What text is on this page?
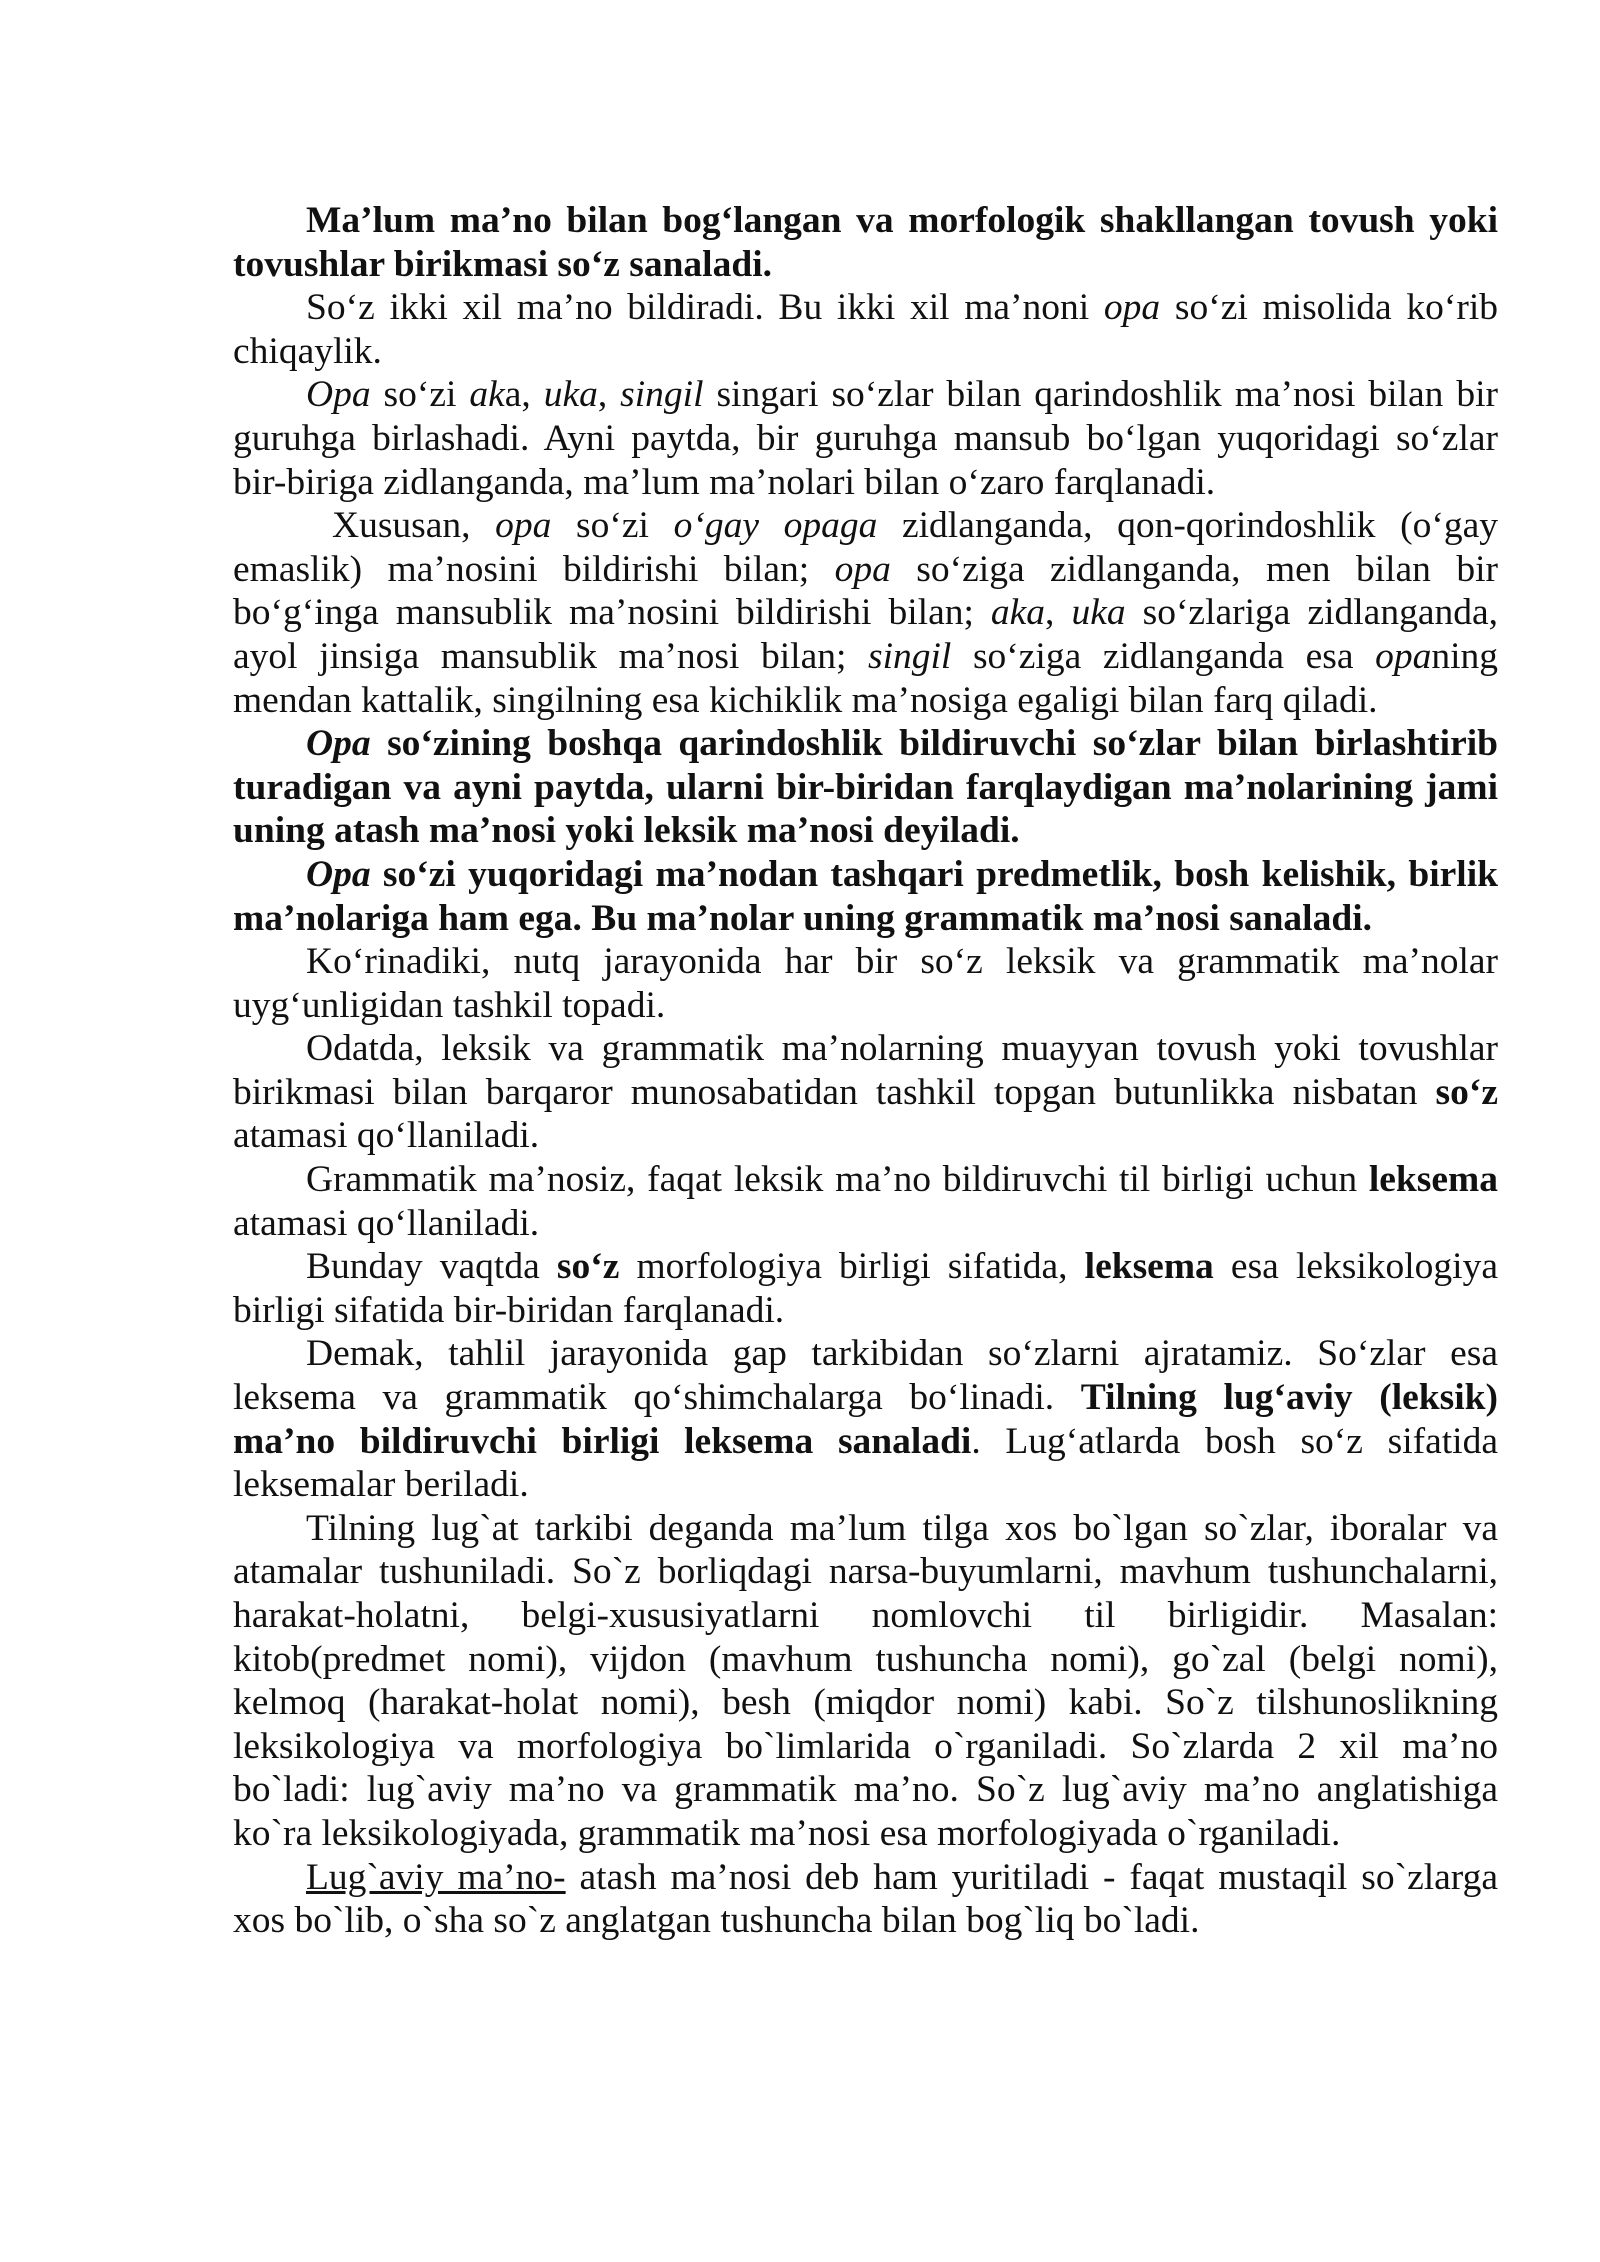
Ma’lum ma’no bilan bog‘langan va morfologik shakllangan tovush yoki
tovushlar birikmasi so‘z sanaladi.
So‘z ikki xil ma’no bildiradi. Bu ikki xil ma’noni opa so‘zi misolida ko‘rib
chiqaylik.
Opa so‘zi aka, uka, singil singari so‘zlar bilan qarindoshlik ma’nosi bilan bir
guruhga birlashadi. Ayni paytda, bir guruhga mansub bo‘lgan yuqoridagi so‘zlar
bir-biriga zidlanganda, ma’lum ma’nolari bilan o‘zaro farqlanadi.
Xususan, opa so‘zi o‘gay opaga zidlanganda, qon-qorindoshlik (o‘gay
emaslik) ma’nosini bildirishi bilan; opa so‘ziga zidlanganda, men bilan bir
bo‘g‘inga mansublik ma’nosini bildirishi bilan; aka, uka so‘zlariga zidlanganda,
ayol jinsiga mansublik ma’nosi bilan; singil so‘ziga zidlanganda esa opaning
mendan kattalik, singilning esa kichiklik ma’nosiga egaligi bilan farq qiladi.
Opa so‘zining boshqa qarindoshlik bildiruvchi so‘zlar bilan birlashtirib
turadigan va ayni paytda, ularni bir-biridan farqlaydigan ma’nolarining jami
uning atash ma’nosi yoki leksik ma’nosi deyiladi.
Opa so‘zi yuqoridagi ma’nodan tashqari predmetlik, bosh kelishik, birlik
ma’nolariga ham ega. Bu ma’nolar uning grammatik ma’nosi sanaladi.
Ko‘rinadiki, nutq jarayonida har bir so‘z leksik va grammatik ma’nolar
uyg‘unligidan tashkil topadi.
Odatda, leksik va grammatik ma’nolarning muayyan tovush yoki tovushlar
birikmasi bilan barqaror munosabatidan tashkil topgan butunlikka nisbatan so‘z
atamasi qo‘llaniladi.
Grammatik ma’nosiz, faqat leksik ma’no bildiruvchi til birligi uchun leksema
atamasi qo‘llaniladi.
Bunday vaqtda so‘z morfologiya birligi sifatida, leksema esa leksikologiya
birligi sifatida bir-biridan farqlanadi.
Demak, tahlil jarayonida gap tarkibidan so‘zlarni ajratamiz. So‘zlar esa
leksema va grammatik qo‘shimchalarga bo‘linadi. Tilning lug‘aviy (leksik)
ma’no bildiruvchi birligi leksema sanaladi. Lug‘atlarda bosh so‘z sifatida
leksemalar beriladi.
Tilning lug`at tarkibi deganda ma’lum tilga xos bo`lgan so`zlar, iboralar va
atamalar tushuniladi. So`z borliqdagi narsa-buyumlarni, mavhum tushunchalarni,
harakat-holatni, belgi-xususiyatlarni nomlovchi til birligidir. Masalan:
kitob(predmet nomi), vijdon (mavhum tushuncha nomi), go`zal (belgi nomi),
kelmoq (harakat-holat nomi), besh (miqdor nomi) kabi. So`z tilshunoslikning
leksikologiya va morfologiya bo`limlarida o`rganiladi. So`zlarda 2 xil ma’no
bo`ladi: lug`aviy ma’no va grammatik ma’no. So`z lug`aviy ma’no anglatishiga
ko`ra leksikologiyada, grammatik ma’nosi esa morfologiyada o`rganiladi.
Lug`aviy ma’no- atash ma’nosi deb ham yuritiladi - faqat mustaqil so`zlarga
xos bo`lib, o`sha so`z anglatgan tushuncha bilan bog`liq bo`ladi.
